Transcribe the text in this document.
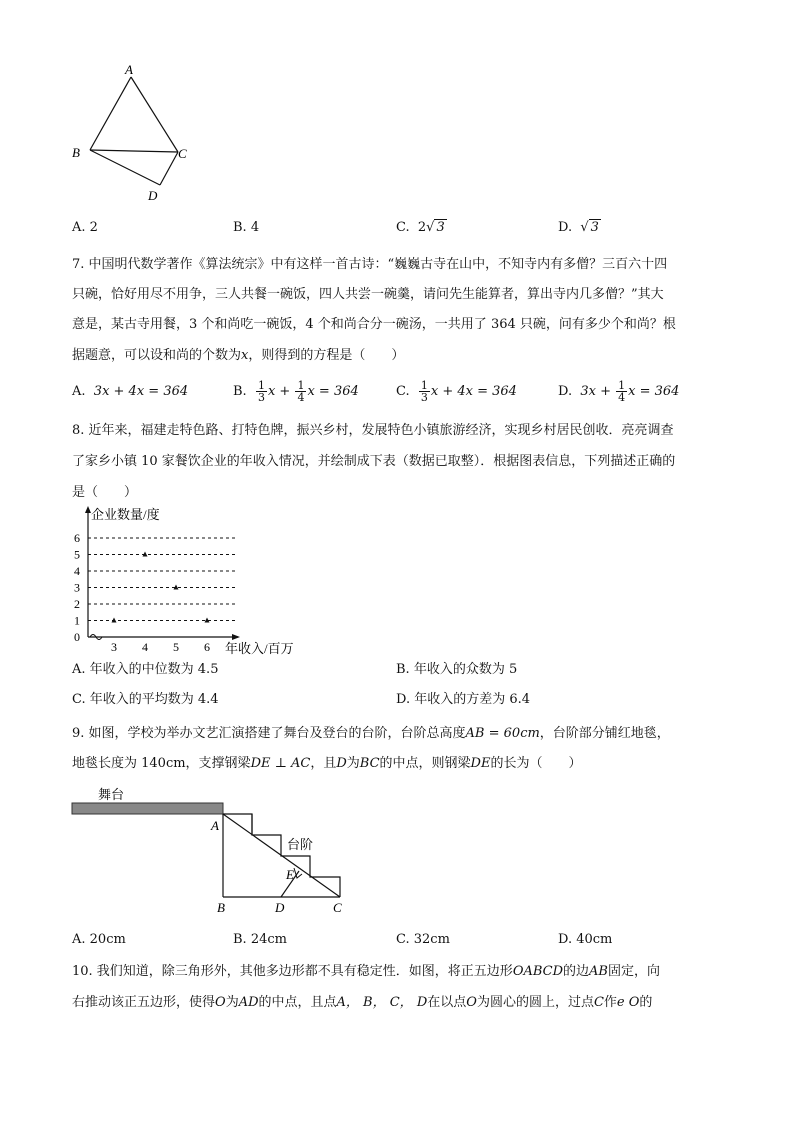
A
B	C
D
A. 2	B. 4	C. 2√ 3	D.  √ 3
7. 中国明代数学著作《算法统宗》中有这样一首古诗：“巍巍古寺在山中，不知寺内有多僧？三百六十四
只碗，恰好用尽不用争，三人共餐一碗饭，四人共尝一碗羹，请问先生能算者，算出寺内几多僧？”其大
意是，某古寺用餐，3 个和尚吃一碗饭，4 个和尚合分一碗汤，一共用了 364 只碗，问有多少个和尚？根
据题意，可以设和尚的个数为x，则得到的方程是（　　）
A. 3x + 4x = 364	B. $\frac{1}{3}$ $x + \frac{1}{4}$ x = 364	C. $\frac{1}{3}$ x + 4x = 364	D. $3x + \frac{1}{4}$ x = 364
8. 近年来，福建走特色路、打特色牌，振兴乡村，发展特色小镇旅游经济，实现乡村居民创收．亮亮调查
了家乡小镇 10 家餐饮企业的年收入情况，并绘制成下表（数据已取整）．根据图表信息，下列描述正确的
是（　　）
0
1
2
3
4
5
6
3 4 5 6
企业数量/度
年收入/百万
A. 年收入的中位数为 4.5	B. 年收入的众数为 5
C. 年收入的平均数为 4.4	D. 年收入的方差为 6.4
9. 如图，学校为举办文艺汇演搭建了舞台及登台的台阶，台阶总高度AB = 60cm，台阶部分铺红地毯，
地毯长度为 140cm，支撑钢梁DE ⊥ AC，且D为BC的中点，则钢梁DE的长为（　　）
舞台
台阶
A
B	D	C
E
A. 20cm	B. 24cm	C. 32cm	D. 40cm
10. 我们知道，除三角形外，其他多边形都不具有稳定性．如图，将正五边形OABCD的边AB固定，向
右推动该正五边形，使得O为AD的中点，且点A， B， C， D在以点O为圆心的圆上，过点C作e O的
